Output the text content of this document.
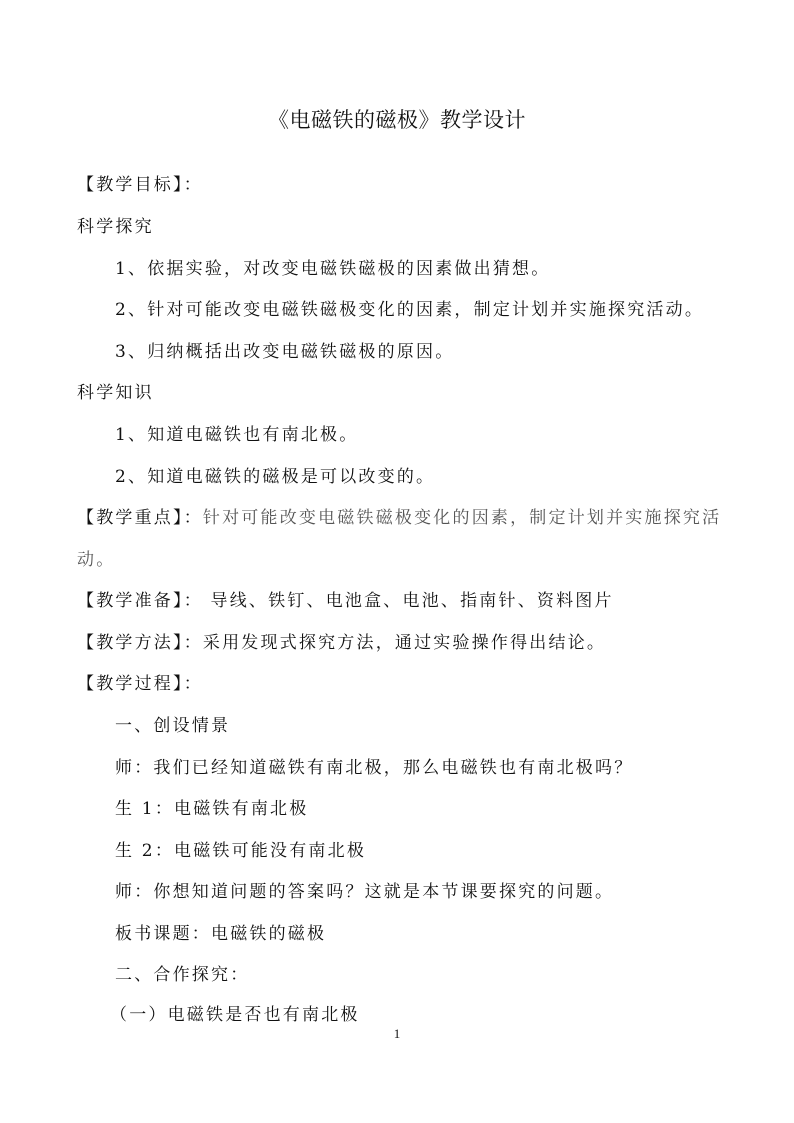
《电磁铁的磁极》教学设计
【教学目标】：
科学探究
1、依据实验，对改变电磁铁磁极的因素做出猜想。
2、针对可能改变电磁铁磁极变化的因素，制定计划并实施探究活动。
3、归纳概括出改变电磁铁磁极的原因。
科学知识
1、知道电磁铁也有南北极。
2、知道电磁铁的磁极是可以改变的。
【教学重点】：针对可能改变电磁铁磁极变化的因素，制定计划并实施探究活
动。
【教学准备】： 导线、铁钉、电池盒、电池、指南针、资料图片
【教学方法】：采用发现式探究方法，通过实验操作得出结论。
【教学过程】：
一、创设情景
师：我们已经知道磁铁有南北极，那么电磁铁也有南北极吗？
生 1：电磁铁有南北极
生 2：电磁铁可能没有南北极
师：你想知道问题的答案吗？这就是本节课要探究的问题。
板书课题：电磁铁的磁极
二、合作探究：
（一）电磁铁是否也有南北极
1
